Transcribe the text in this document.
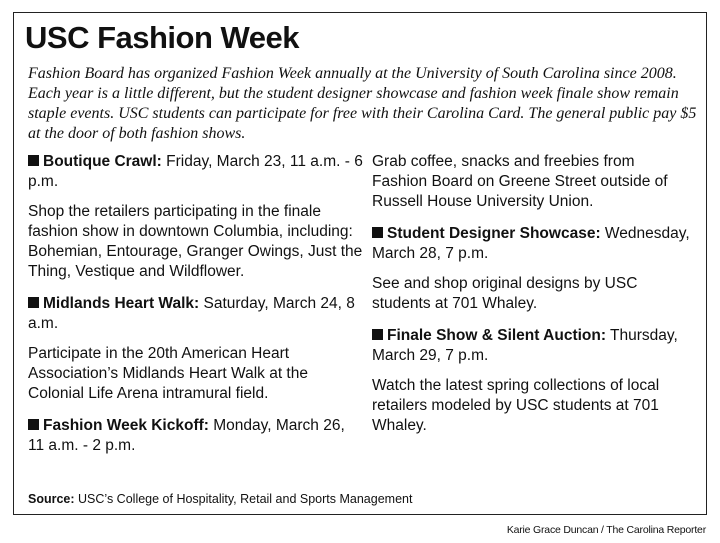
USC Fashion Week

Fashion Board has organized Fashion Week annually at the University of South Carolina since 2008. Each year is a little different, but the student designer showcase and fashion week finale show remain staple events. USC students can participate for free with their Carolina Card. The general public pay $5 at the door of both fashion shows.

Boutique Crawl: Friday, March 23, 11 a.m. - 6 p.m.

Shop the retailers participating in the finale fashion show in downtown Columbia, including: Bohemian, Entourage, Granger Owings, Just the Thing, Vestique and Wildflower.

Midlands Heart Walk: Saturday, March 24, 8 a.m.

Participate in the 20th American Heart Association’s Midlands Heart Walk at the Colonial Life Arena intramural field.

Fashion Week Kickoff: Monday, March 26, 11 a.m. - 2 p.m.

Grab coffee, snacks and freebies from Fashion Board on Greene Street outside of Russell House University Union.

Student Designer Showcase: Wednesday, March 28, 7 p.m.

See and shop original designs by USC students at 701 Whaley.

Finale Show & Silent Auction: Thursday, March 29, 7 p.m.

Watch the latest spring collections of local retailers modeled by USC students at 701 Whaley.

Source: USC’s College of Hospitality, Retail and Sports Management

Karie Grace Duncan / The Carolina Reporter
